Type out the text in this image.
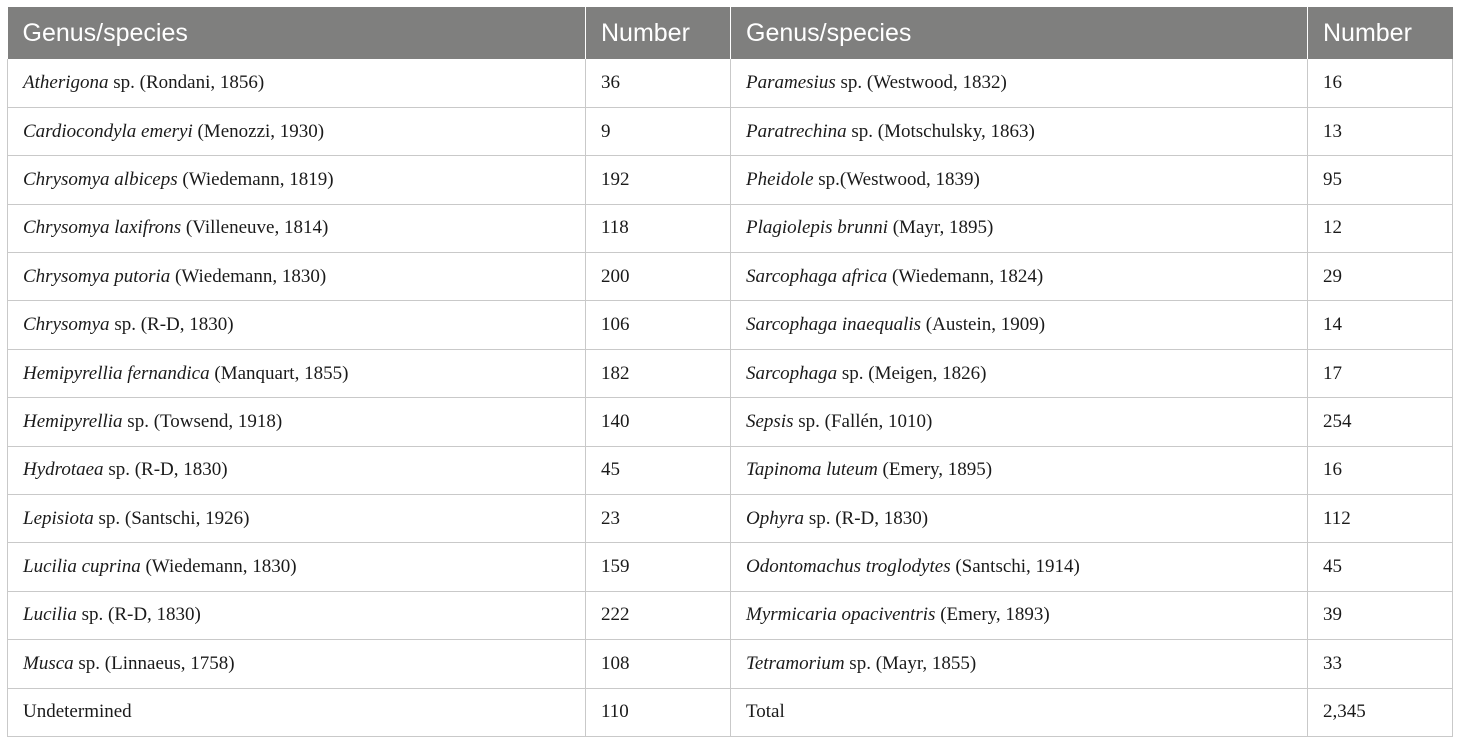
Genus/species	Number	Genus/species	Number
Atherigona sp. (Rondani, 1856)	36	Paramesius sp. (Westwood, 1832)	16
Cardiocondyla emeryi (Menozzi, 1930)	9	Paratrechina sp. (Motschulsky, 1863)	13
Chrysomya albiceps (Wiedemann, 1819)	192	Pheidole sp.(Westwood, 1839)	95
Chrysomya laxifrons (Villeneuve, 1814)	118	Plagiolepis brunni (Mayr, 1895)	12
Chrysomya putoria (Wiedemann, 1830)	200	Sarcophaga africa (Wiedemann, 1824)	29
Chrysomya sp. (R-D, 1830)	106	Sarcophaga inaequalis (Austein, 1909)	14
Hemipyrellia fernandica (Manquart, 1855)	182	Sarcophaga sp. (Meigen, 1826)	17
Hemipyrellia sp. (Towsend, 1918)	140	Sepsis sp. (Fallén, 1010)	254
Hydrotaea sp. (R-D, 1830)	45	Tapinoma luteum (Emery, 1895)	16
Lepisiota sp. (Santschi, 1926)	23	Ophyra sp. (R-D, 1830)	112
Lucilia cuprina (Wiedemann, 1830)	159	Odontomachus troglodytes (Santschi, 1914)	45
Lucilia sp. (R-D, 1830)	222	Myrmicaria opaciventris (Emery, 1893)	39
Musca sp. (Linnaeus, 1758)	108	Tetramorium sp. (Mayr, 1855)	33
Undetermined	110	Total	2,345
